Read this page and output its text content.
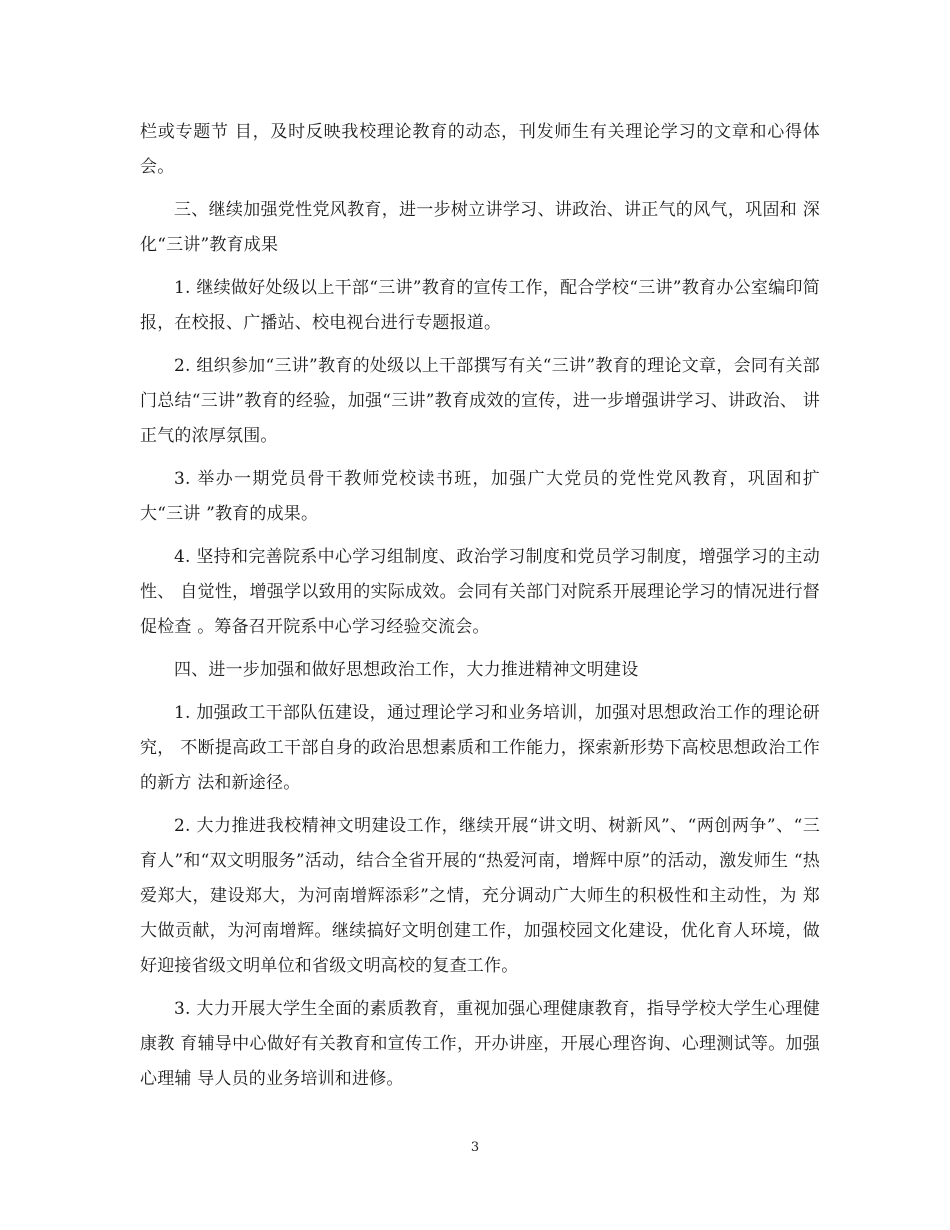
栏或专题节 目，及时反映我校理论教育的动态，刊发师生有关理论学习的文章和心得体会。

三、继续加强党性党风教育，进一步树立讲学习、讲政治、讲正气的风气，巩固和 深化“三讲”教育成果

1. 继续做好处级以上干部“三讲”教育的宣传工作，配合学校“三讲”教育办公室编印简 报，在校报、广播站、校电视台进行专题报道。

2. 组织参加“三讲”教育的处级以上干部撰写有关“三讲”教育的理论文章，会同有关部 门总结“三讲”教育的经验，加强“三讲”教育成效的宣传，进一步增强讲学习、讲政治、 讲正气的浓厚氛围。

3. 举办一期党员骨干教师党校读书班，加强广大党员的党性党风教育，巩固和扩大“三讲 ”教育的成果。

4. 坚持和完善院系中心学习组制度、政治学习制度和党员学习制度，增强学习的主动性、 自觉性，增强学以致用的实际成效。会同有关部门对院系开展理论学习的情况进行督促检查 。筹备召开院系中心学习经验交流会。

四、进一步加强和做好思想政治工作，大力推进精神文明建设

1. 加强政工干部队伍建设，通过理论学习和业务培训，加强对思想政治工作的理论研究， 不断提高政工干部自身的政治思想素质和工作能力，探索新形势下高校思想政治工作的新方 法和新途径。

2. 大力推进我校精神文明建设工作，继续开展“讲文明、树新风”、“两创两争”、“三 育人”和“双文明服务”活动，结合全省开展的“热爱河南，增辉中原”的活动，激发师生 “热爱郑大，建设郑大，为河南增辉添彩”之情，充分调动广大师生的积极性和主动性，为 郑大做贡献，为河南增辉。继续搞好文明创建工作，加强校园文化建设，优化育人环境，做 好迎接省级文明单位和省级文明高校的复查工作。

3. 大力开展大学生全面的素质教育，重视加强心理健康教育，指导学校大学生心理健康教 育辅导中心做好有关教育和宣传工作，开办讲座，开展心理咨询、心理测试等。加强心理辅 导人员的业务培训和进修。

3
